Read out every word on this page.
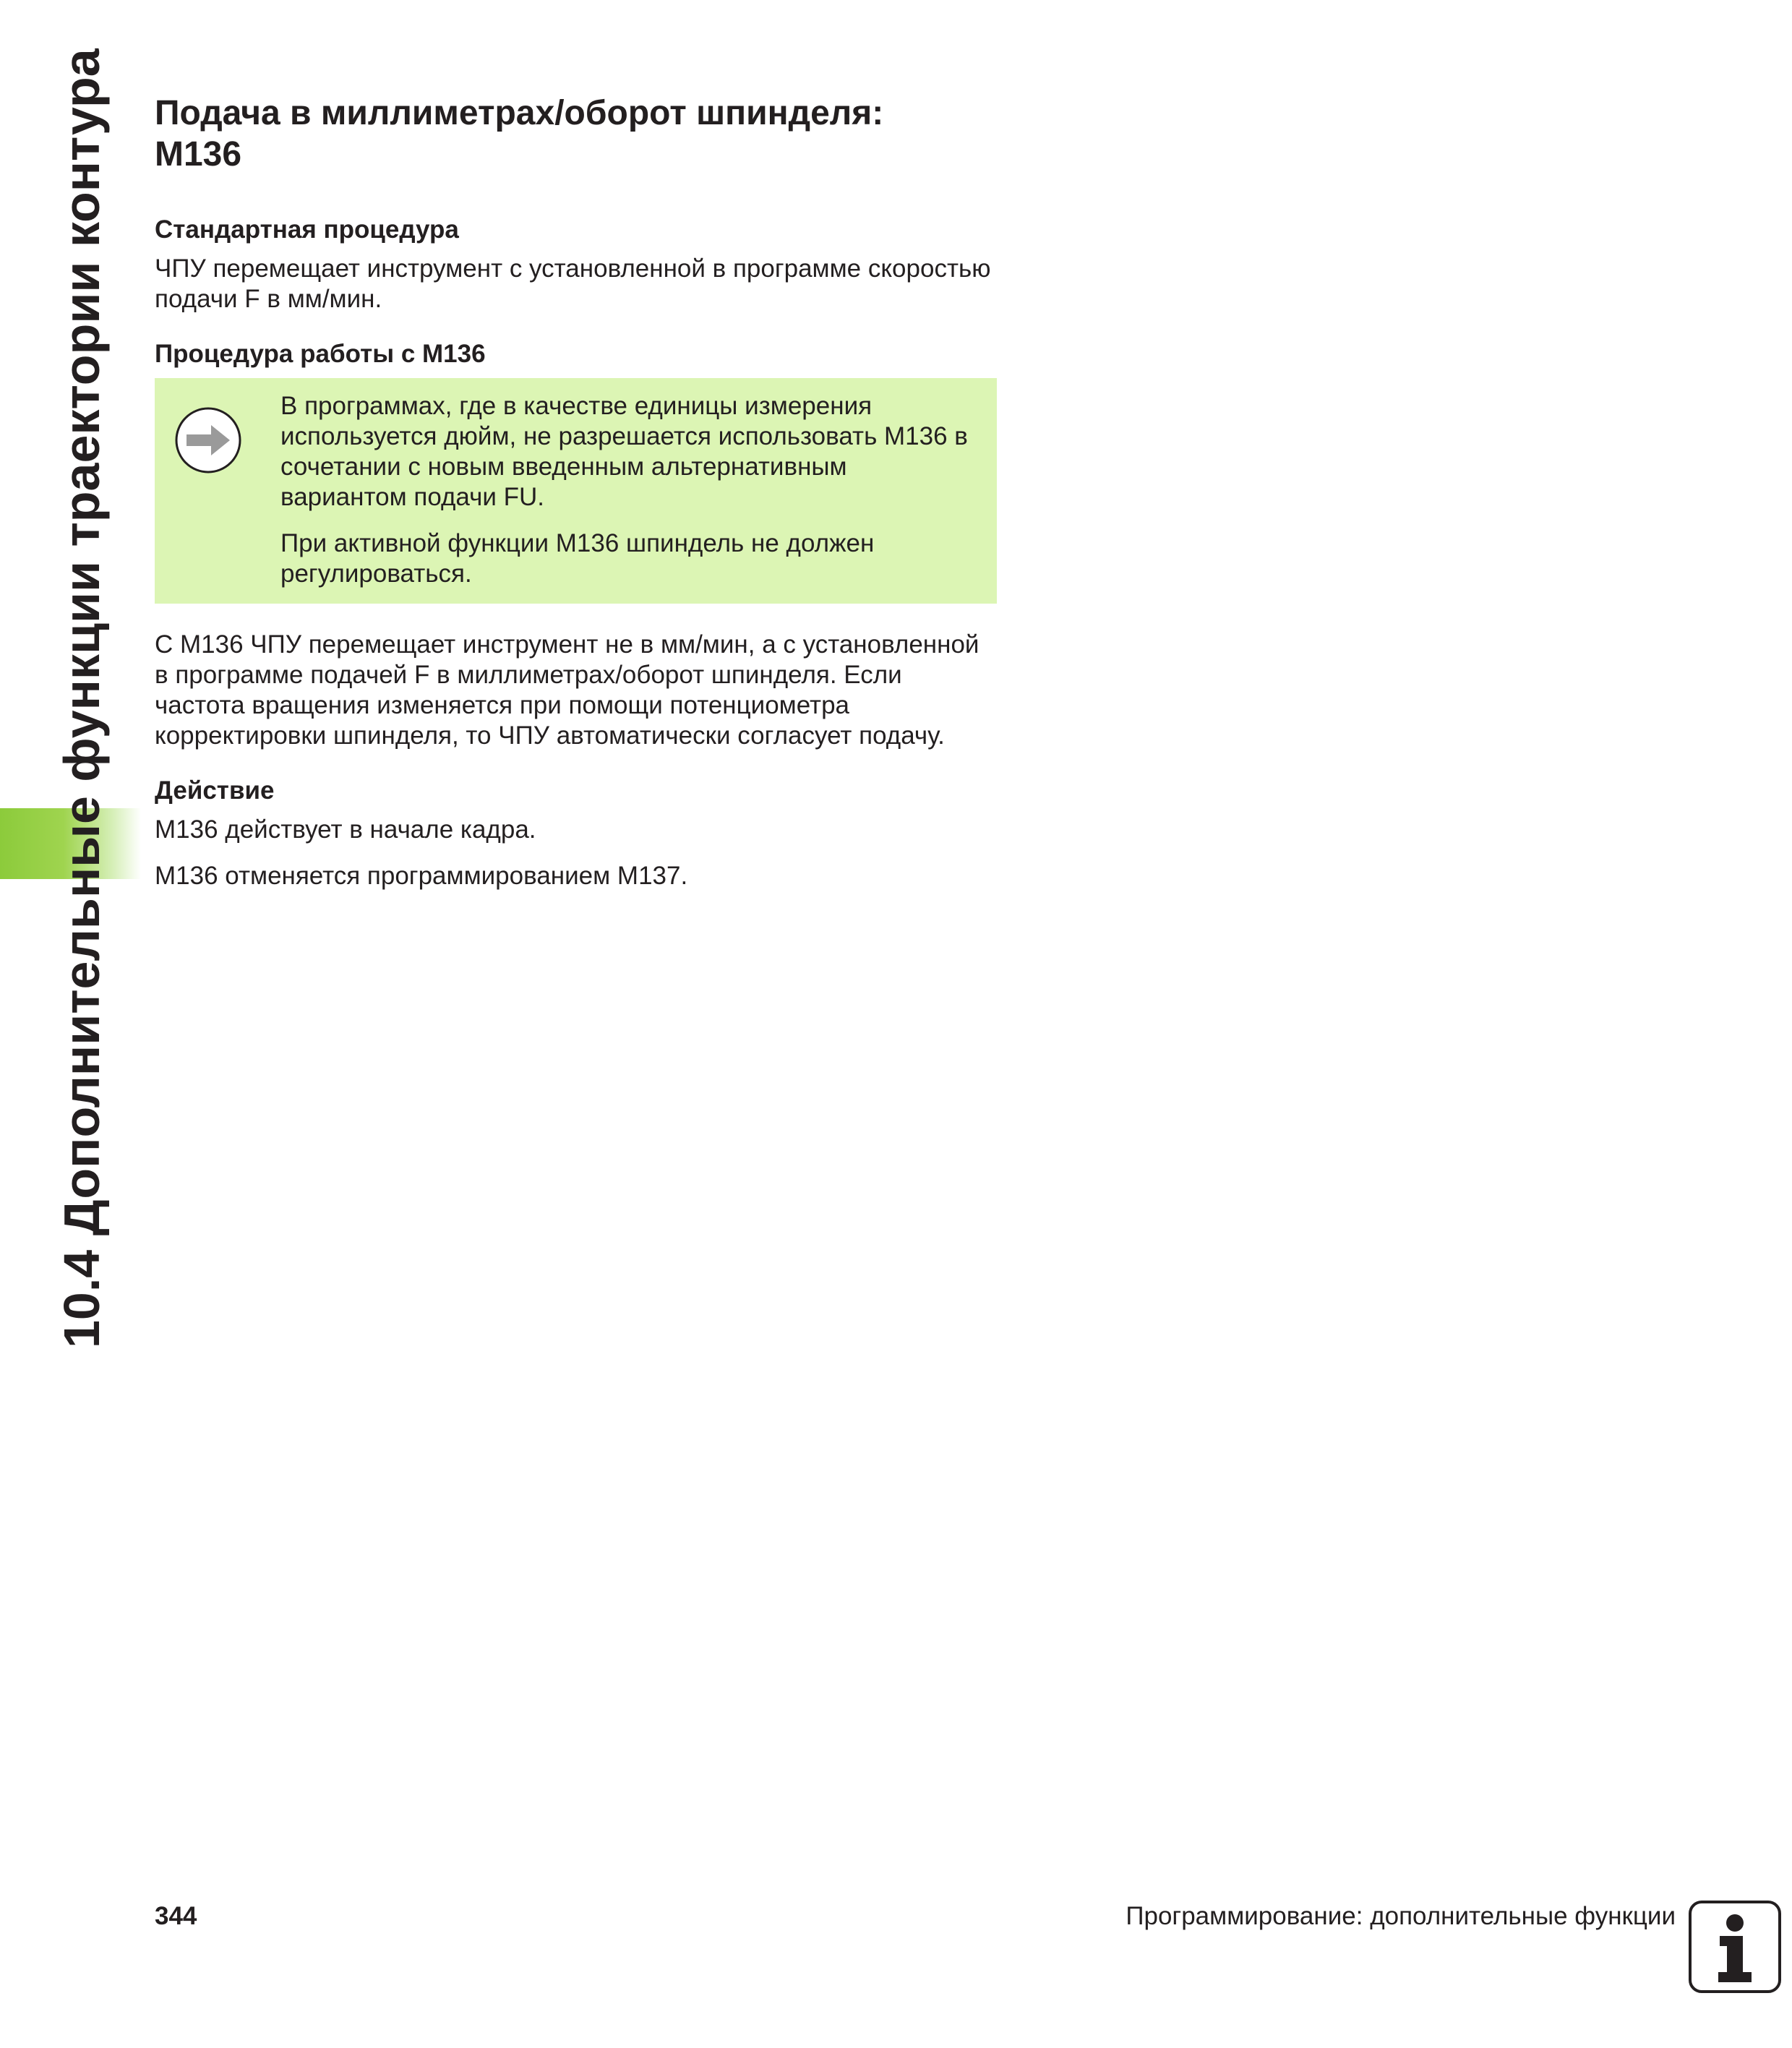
10.4 Дополнительные функции траектории контура Подача в миллиметрах/оборот шпинделя:
M136
Стандартная процедура

ЧПУ перемещает инструмент с установленной в программе скоростью подачи F в мм/мин.

Процедура работы с M136

В программах, где в качестве единицы измерения используется дюйм, не разрешается использовать M136 в сочетании с новым введенным альтернативным вариантом подачи FU.

При активной функции M136 шпиндель не должен регулироваться.

С M136 ЧПУ перемещает инструмент не в мм/мин, а с установленной в программе подачей F в миллиметрах/оборот шпинделя. Если частота вращения изменяется при помощи потенциометра корректировки шпинделя, то ЧПУ автоматически согласует подачу.

Действие

M136 действует в начале кадра.

M136 отменяется программированием M137.

344	Программирование: дополнительные функции
